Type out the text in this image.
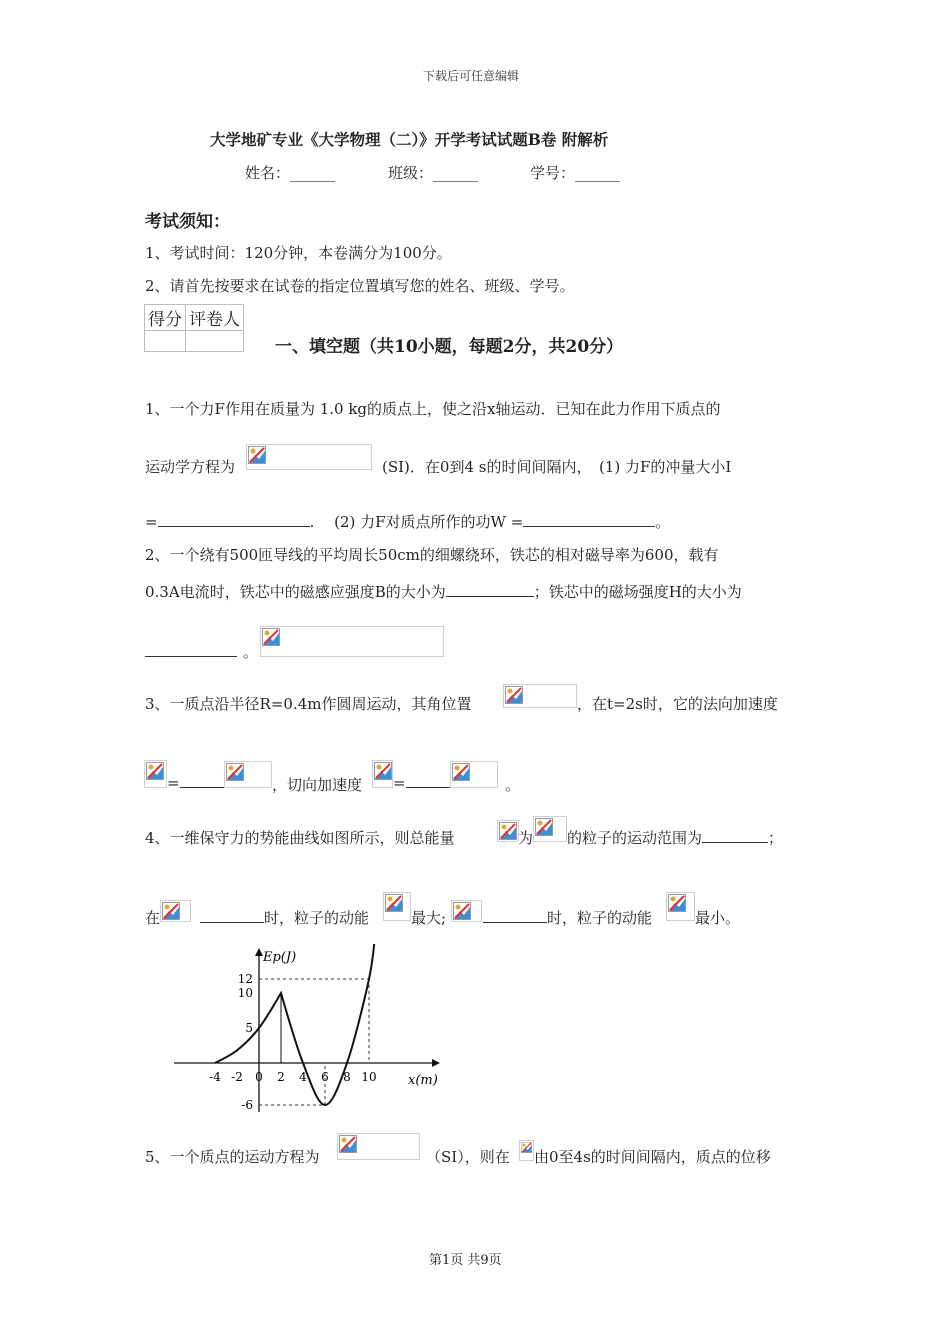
下载后可任意编辑
大学地矿专业《大学物理（二）》开学考试试题B卷 附解析
姓名：______	班级：______	学号：______
考试须知：
1、考试时间：120分钟，本卷满分为100分。
2、请首先按要求在试卷的指定位置填写您的姓名、班级、学号。
得分	评卷人

一、填空题（共10小题，每题2分，共20分）
1、一个力F作用在质量为 1.0 kg的质点上，使之沿x轴运动．已知在此力作用下质点的
运动学方程为	(SI)．在0到4 s的时间间隔内，　(1) 力F的冲量大小I
=	.　 (2) 力F对质点所作的功W =	。
2、一个绕有500匝导线的平均周长50cm的细螺绕环，铁芯的相对磁导率为600，载有
0.3A电流时，铁芯中的磁感应强度B的大小为	；铁芯中的磁场强度H的大小为
。
3、一质点沿半径R=0.4m作圆周运动，其角位置	，在t=2s时，它的法向加速度
=	，切向加速度 =	。
4、一维保守力的势能曲线如图所示，则总能量	为 的粒子的运动范围为	；
在	时，粒子的动能	最大;	时，粒子的动能	最小。
Ep(J)
x(m)
-4 -2 0 2 4 6 8 10
12
10
5
-6
5、一个质点的运动方程为	（SI），则在 由0至4s的时间间隔内，质点的位移
第1页 共9页
